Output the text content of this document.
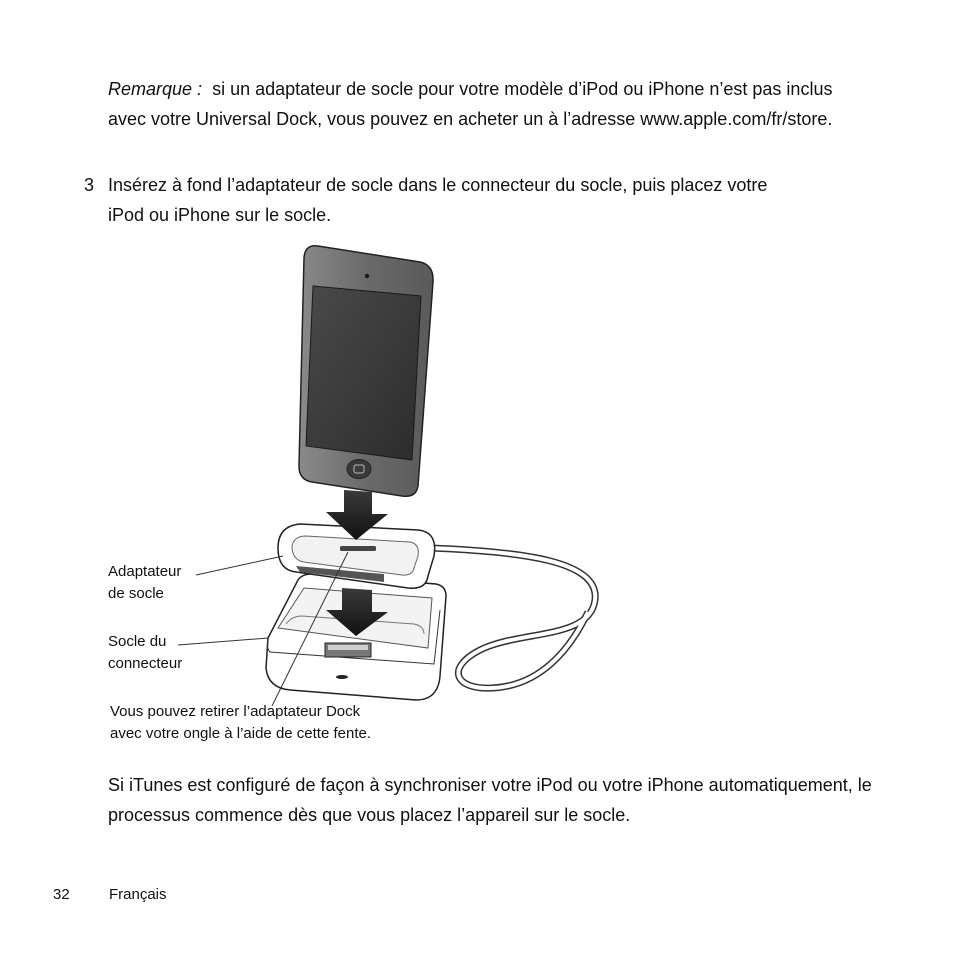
Remarque : si un adaptateur de socle pour votre modèle d’iPod ou iPhone n’est pas inclus avec votre Universal Dock, vous pouvez en acheter un à l’adresse www.apple.com/fr/store.

3 Insérez à fond l’adaptateur de socle dans le connecteur du socle, puis placez votre iPod ou iPhone sur le socle.

Adaptateur
de socle

Socle du
connecteur

Vous pouvez retirer l’adaptateur Dock
avec votre ongle à l’aide de cette fente.

Si iTunes est configuré de façon à synchroniser votre iPod ou votre iPhone automatiquement, le processus commence dès que vous placez l’appareil sur le socle.

32	Français
